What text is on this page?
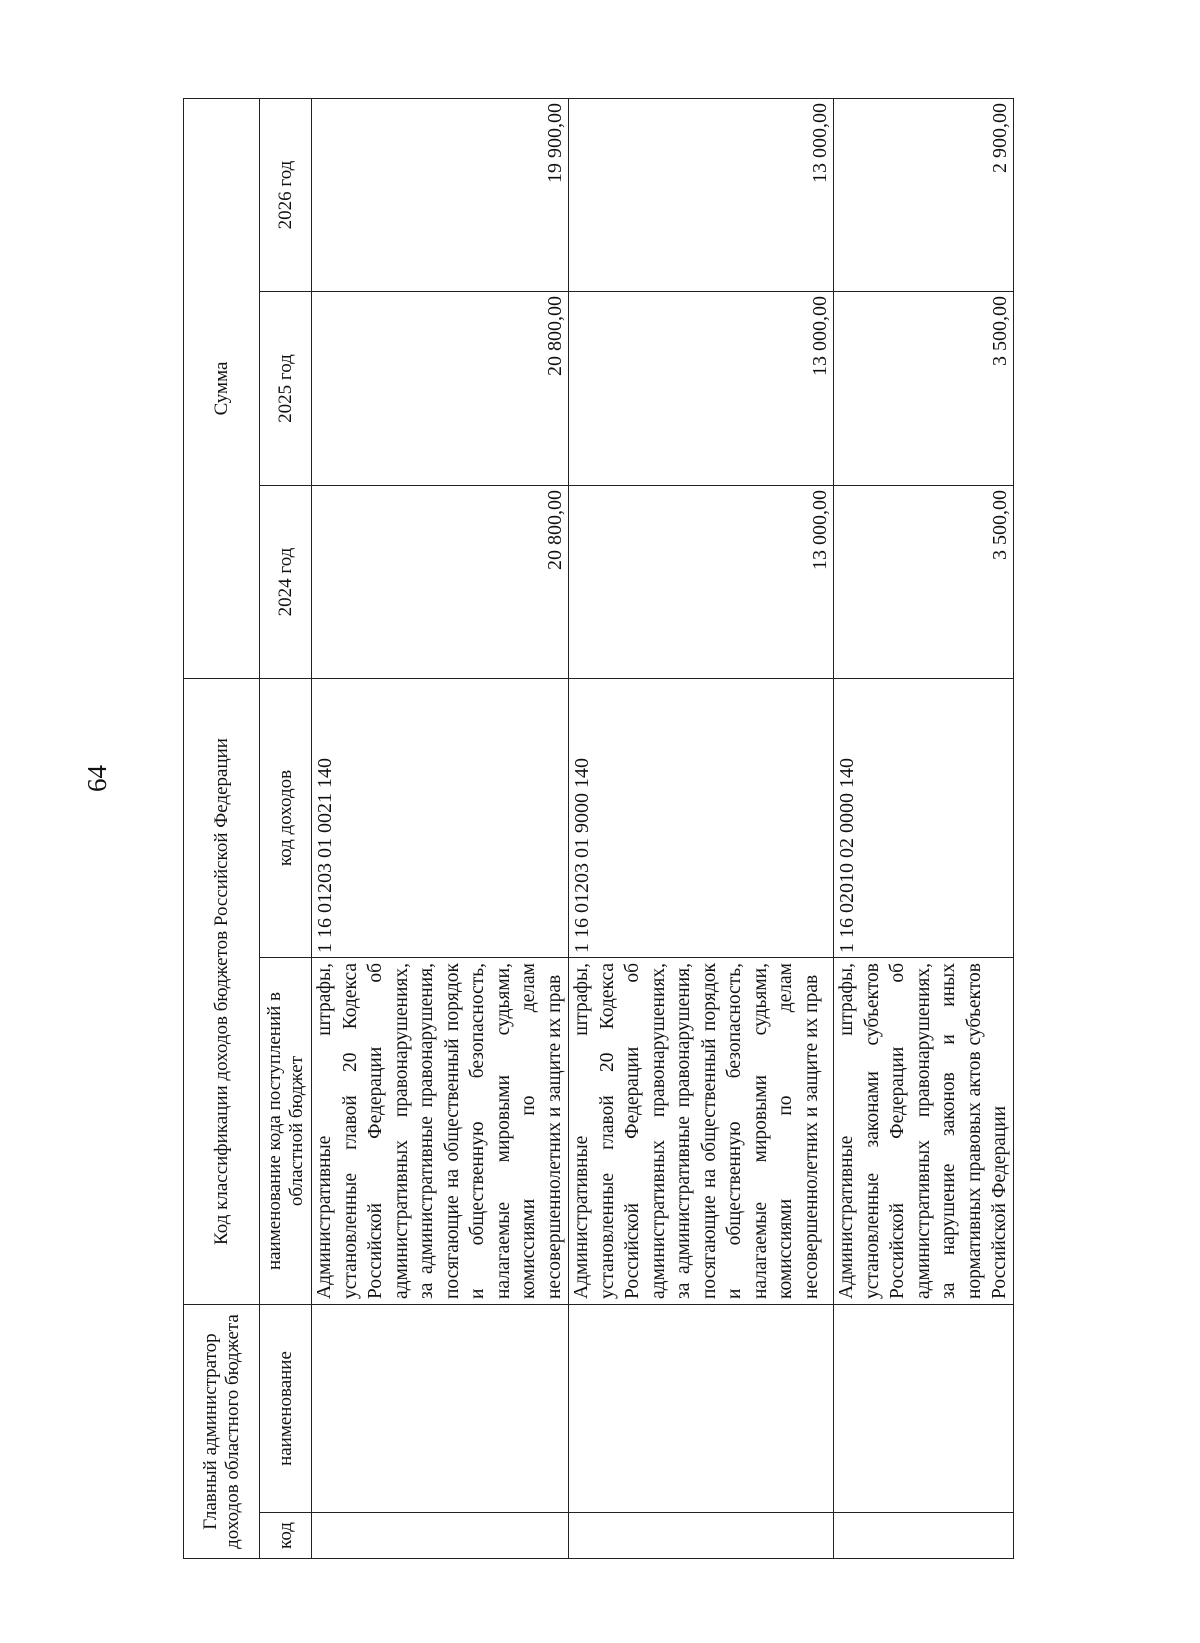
64
Главный администратор доходов областного бюджета		Код классификации доходов бюджетов Российской Федерации		Сумма		
код	наименование	наименование кода поступлений в областной бюджет	код доходов	2024 год	2025 год	2026 год
		Административные штрафы, установленные главой 20 Кодекса Российской Федерации об административных правонарушениях, за административные правонарушения, посягающие на общественный порядок и общественную безопасность, налагаемые мировыми судьями, комиссиями по делам несовершеннолетних и защите их прав	1 16 01203 01 0021 140	20 800,00	20 800,00	19 900,00
		Административные штрафы, установленные главой 20 Кодекса Российской Федерации об административных правонарушениях, за административные правонарушения, посягающие на общественный порядок и общественную безопасность, налагаемые мировыми судьями, комиссиями по делам несовершеннолетних и защите их прав	1 16 01203 01 9000 140	13 000,00	13 000,00	13 000,00
		Административные штрафы, установленные законами субъектов Российской Федерации об административных правонарушениях, за нарушение законов и иных нормативных правовых актов субъектов Российской Федерации	1 16 02010 02 0000 140	3 500,00	3 500,00	2 900,00
